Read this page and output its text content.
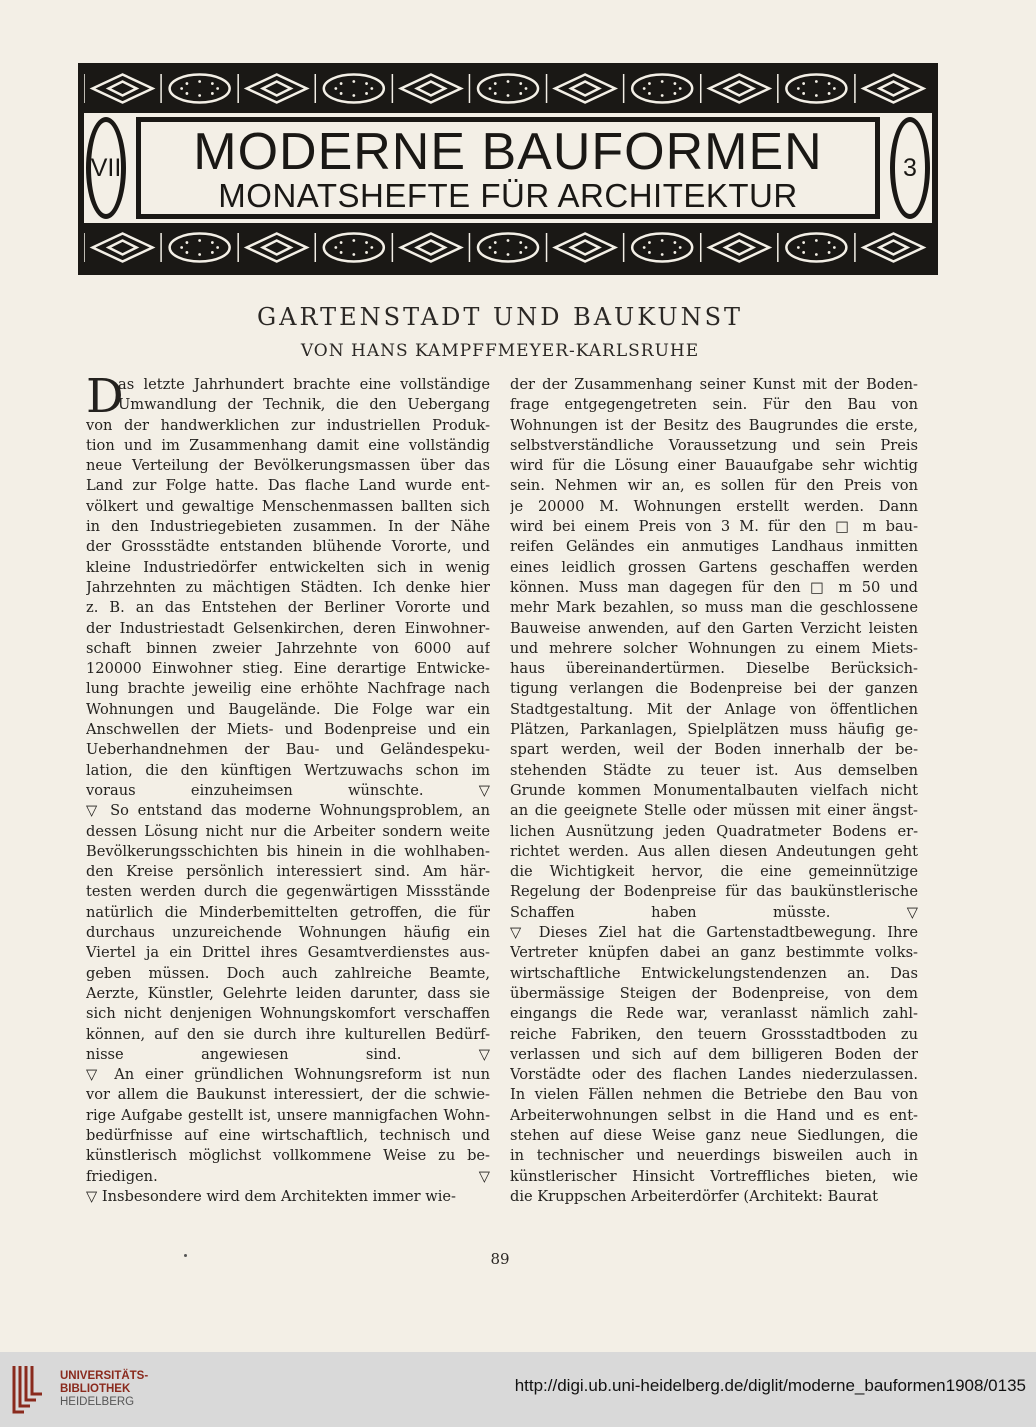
VII	MODERNE BAUFORMEN
MONATSHEFTE FÜR ARCHITEKTUR
3
GARTENSTADT UND BAUKUNST
VON HANS KAMPFFMEYER-KARLSRUHE
D
as letzte Jahrhundert brachte eine vollständige
Umwandlung der Technik, die den Uebergang
von der handwerklichen zur industriellen Produk-
tion und im Zusammenhang damit eine vollständig
neue Verteilung der Bevölkerungsmassen über das
Land zur Folge hatte. Das flache Land wurde ent-
völkert und gewaltige Menschenmassen ballten sich
in den Industriegebieten zusammen. In der Nähe
der Grossstädte entstanden blühende Vororte, und
kleine Industriedörfer entwickelten sich in wenig
Jahrzehnten zu mächtigen Städten. Ich denke hier
z. B. an das Entstehen der Berliner Vororte und
der Industriestadt Gelsenkirchen, deren Einwohner-
schaft binnen zweier Jahrzehnte von 6000 auf
120000 Einwohner stieg. Eine derartige Entwicke-
lung brachte jeweilig eine erhöhte Nachfrage nach
Wohnungen und Baugelände. Die Folge war ein
Anschwellen der Miets- und Bodenpreise und ein
Ueberhandnehmen der Bau- und Geländespeku-
lation, die den künftigen Wertzuwachs schon im
voraus einzuheimsen wünschte. ▽
▽ So entstand das moderne Wohnungsproblem, an
dessen Lösung nicht nur die Arbeiter sondern weite
Bevölkerungsschichten bis hinein in die wohlhaben-
den Kreise persönlich interessiert sind. Am här-
testen werden durch die gegenwärtigen Missstände
natürlich die Minderbemittelten getroffen, die für
durchaus unzureichende Wohnungen häufig ein
Viertel ja ein Drittel ihres Gesamtverdienstes aus-
geben müssen. Doch auch zahlreiche Beamte,
Aerzte, Künstler, Gelehrte leiden darunter, dass sie
sich nicht denjenigen Wohnungskomfort verschaffen
können, auf den sie durch ihre kulturellen Bedürf-
nisse angewiesen sind. ▽
▽ An einer gründlichen Wohnungsreform ist nun
vor allem die Baukunst interessiert, der die schwie-
rige Aufgabe gestellt ist, unsere mannigfachen Wohn-
bedürfnisse auf eine wirtschaftlich, technisch und
künstlerisch möglichst vollkommene Weise zu be-
friedigen. ▽
▽ Insbesondere wird dem Architekten immer wie-
der der Zusammenhang seiner Kunst mit der Boden-
frage entgegengetreten sein. Für den Bau von
Wohnungen ist der Besitz des Baugrundes die erste,
selbstverständliche Voraussetzung und sein Preis
wird für die Lösung einer Bauaufgabe sehr wichtig
sein. Nehmen wir an, es sollen für den Preis von
je 20000 M. Wohnungen erstellt werden. Dann
wird bei einem Preis von 3 M. für den □ m bau-
reifen Geländes ein anmutiges Landhaus inmitten
eines leidlich grossen Gartens geschaffen werden
können. Muss man dagegen für den □ m 50 und
mehr Mark bezahlen, so muss man die geschlossene
Bauweise anwenden, auf den Garten Verzicht leisten
und mehrere solcher Wohnungen zu einem Miets-
haus übereinandertürmen. Dieselbe Berücksich-
tigung verlangen die Bodenpreise bei der ganzen
Stadtgestaltung. Mit der Anlage von öffentlichen
Plätzen, Parkanlagen, Spielplätzen muss häufig ge-
spart werden, weil der Boden innerhalb der be-
stehenden Städte zu teuer ist. Aus demselben
Grunde kommen Monumentalbauten vielfach nicht
an die geeignete Stelle oder müssen mit einer ängst-
lichen Ausnützung jeden Quadratmeter Bodens er-
richtet werden. Aus allen diesen Andeutungen geht
die Wichtigkeit hervor, die eine gemeinnützige
Regelung der Bodenpreise für das baukünstlerische
Schaffen haben müsste. ▽
▽ Dieses Ziel hat die Gartenstadtbewegung. Ihre
Vertreter knüpfen dabei an ganz bestimmte volks-
wirtschaftliche Entwickelungstendenzen an. Das
übermässige Steigen der Bodenpreise, von dem
eingangs die Rede war, veranlasst nämlich zahl-
reiche Fabriken, den teuern Grossstadtboden zu
verlassen und sich auf dem billigeren Boden der
Vorstädte oder des flachen Landes niederzulassen.
In vielen Fällen nehmen die Betriebe den Bau von
Arbeiterwohnungen selbst in die Hand und es ent-
stehen auf diese Weise ganz neue Siedlungen, die
in technischer und neuerdings bisweilen auch in
künstlerischer Hinsicht Vortreffliches bieten, wie
die Kruppschen Arbeiterdörfer (Architekt: Baurat
89
UNIVERSITÄTS-
BIBLIOTHEK
HEIDELBERG
http://digi.ub.uni-heidelberg.de/diglit/moderne_bauformen1908/0135
